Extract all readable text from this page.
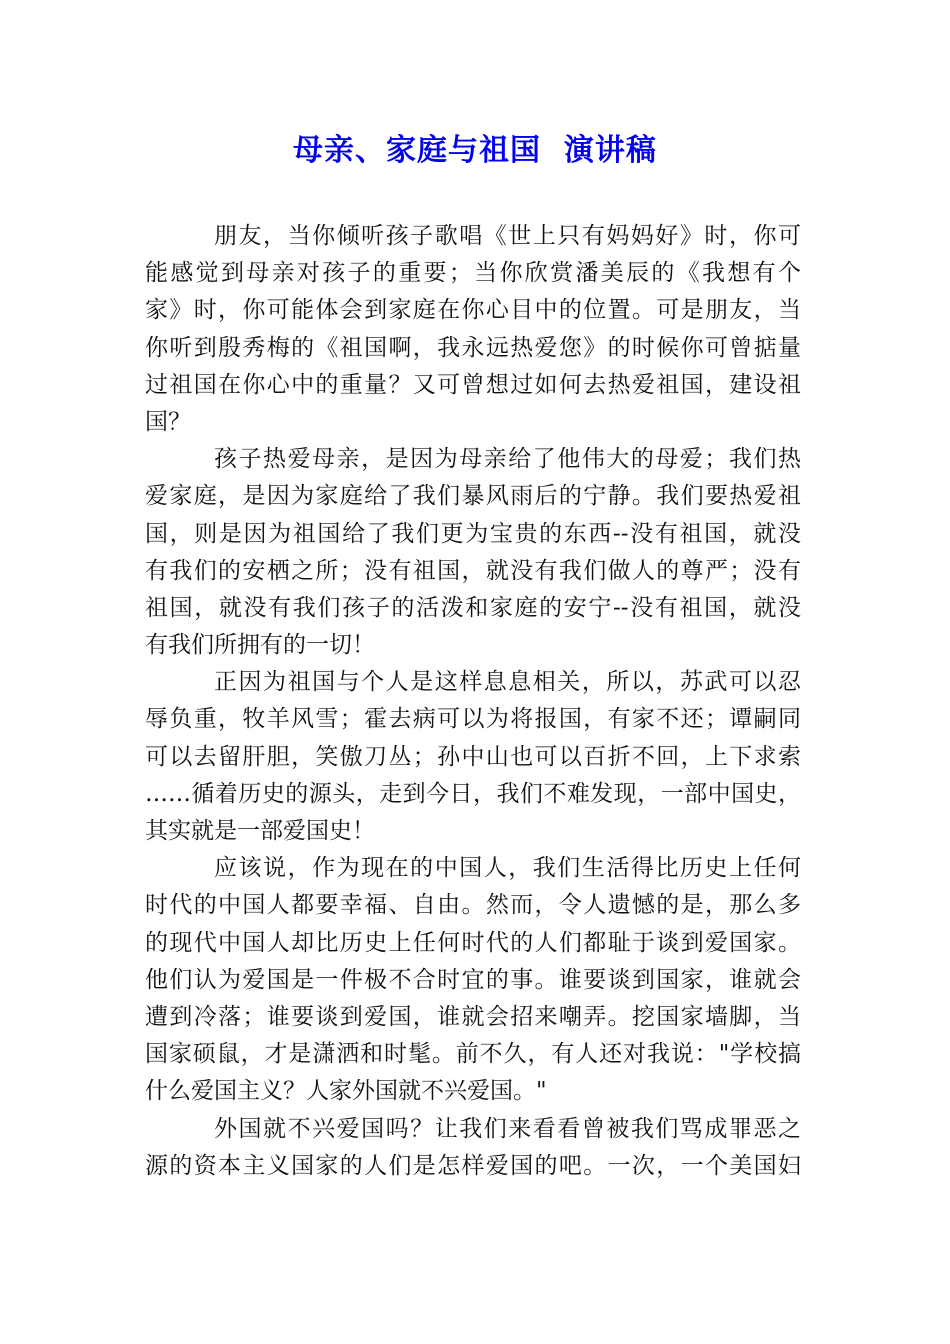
母亲、家庭与祖国  演讲稿
朋友，当你倾听孩子歌唱《世上只有妈妈好》时，你可
能感觉到母亲对孩子的重要；当你欣赏潘美辰的《我想有个
家》时，你可能体会到家庭在你心目中的位置。可是朋友，当
你听到殷秀梅的《祖国啊，我永远热爱您》的时候你可曾掂量
过祖国在你心中的重量？又可曾想过如何去热爱祖国，建设祖
国？
孩子热爱母亲，是因为母亲给了他伟大的母爱；我们热
爱家庭，是因为家庭给了我们暴风雨后的宁静。我们要热爱祖
国，则是因为祖国给了我们更为宝贵的东西--没有祖国，就没
有我们的安栖之所；没有祖国，就没有我们做人的尊严；没有
祖国，就没有我们孩子的活泼和家庭的安宁--没有祖国，就没
有我们所拥有的一切！
正因为祖国与个人是这样息息相关，所以，苏武可以忍
辱负重，牧羊风雪；霍去病可以为将报国，有家不还；谭嗣同
可以去留肝胆，笑傲刀丛；孙中山也可以百折不回，上下求索
……循着历史的源头，走到今日，我们不难发现，一部中国史，
其实就是一部爱国史！
应该说，作为现在的中国人，我们生活得比历史上任何
时代的中国人都要幸福、自由。然而，令人遗憾的是，那么多
的现代中国人却比历史上任何时代的人们都耻于谈到爱国家。
他们认为爱国是一件极不合时宜的事。谁要谈到国家，谁就会
遭到冷落；谁要谈到爱国，谁就会招来嘲弄。挖国家墙脚，当
国家硕鼠，才是潇洒和时髦。前不久，有人还对我说："学校搞
什么爱国主义？人家外国就不兴爱国。"
外国就不兴爱国吗？让我们来看看曾被我们骂成罪恶之
源的资本主义国家的人们是怎样爱国的吧。一次，一个美国妇
